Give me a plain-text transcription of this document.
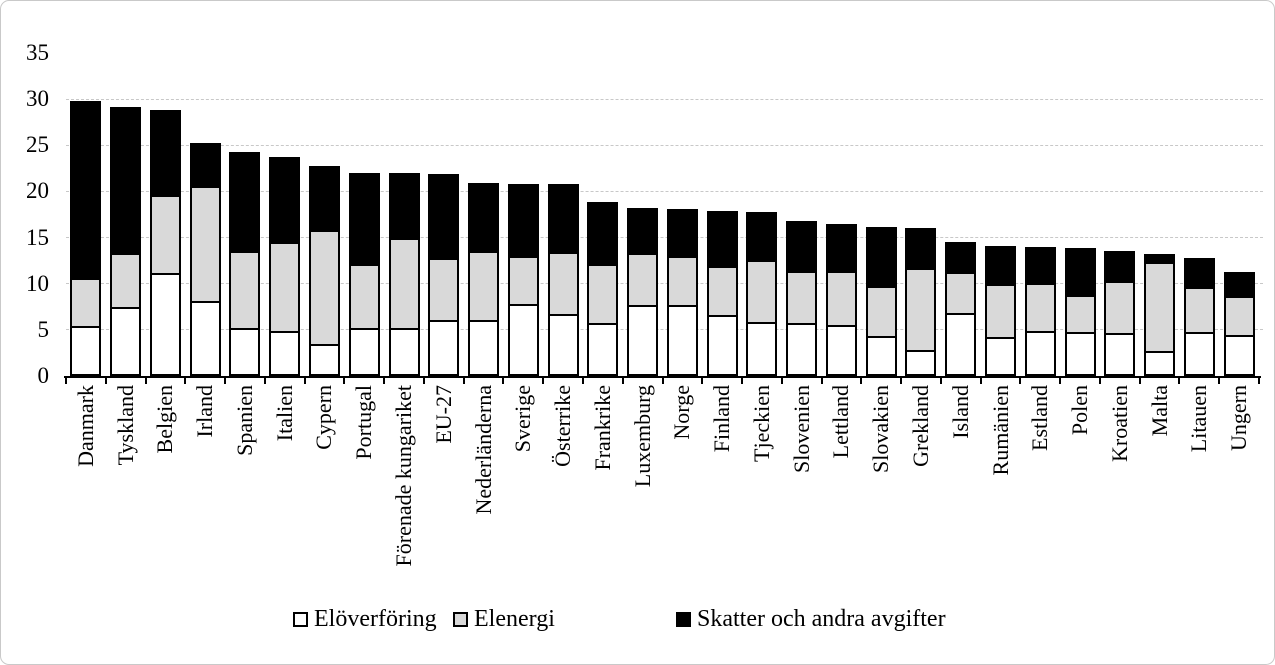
0
5
10
15
20
25
30
35
Danmark Tyskland Belgien Irland Spanien Italien Cypern Portugal Förenade kungariket EU-27 Nederländerna Sverige Österrike Frankrike Luxemburg Norge Finland Tjeckien Slovenien Lettland Slovakien Grekland Island Rumänien Estland Polen Kroatien Malta Litauen Ungern
Elöverföring Elenergi	Skatter och andra avgifter
